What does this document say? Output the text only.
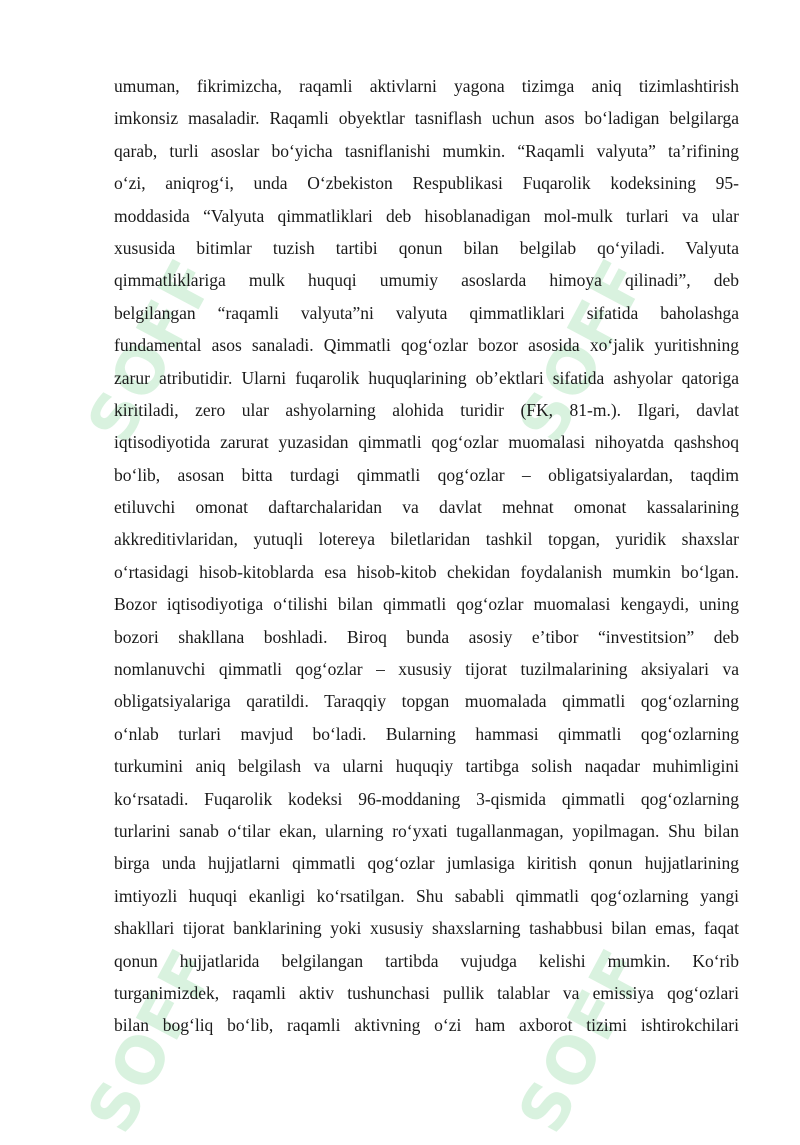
SOFF
SOFF
SOFF
SOFF
umuman, fikrimizcha, raqamli aktivlarni yagona tizimga aniq tizimlashtirish
imkonsiz masaladir. Raqamli obyektlar tasniflash uchun asos boʻladigan belgilarga
qarab, turli asoslar boʻyicha tasniflanishi mumkin. “Raqamli valyuta” taʼrifining
oʻzi, aniqrogʻi, unda Oʻzbekiston Respublikasi Fuqarolik kodeksining 95-
moddasida “Valyuta qimmatliklari deb hisoblanadigan mol-mulk turlari va ular
xususida bitimlar tuzish tartibi qonun bilan belgilab qoʻyiladi. Valyuta
qimmatliklariga mulk huquqi umumiy asoslarda himoya qilinadi”, deb
belgilangan “raqamli valyuta”ni valyuta qimmatliklari sifatida baholashga
fundamental asos sanaladi. Qimmatli qogʻozlar bozor asosida xoʻjalik yuritishning
zarur atributidir. Ularni fuqarolik huquqlarining obʼektlari sifatida ashyolar qatoriga
kiritiladi, zero ular ashyolarning alohida turidir (FK, 81-m.). Ilgari, davlat
iqtisodiyotida zarurat yuzasidan qimmatli qogʻozlar muomalasi nihoyatda qashshoq
boʻlib, asosan bitta turdagi qimmatli qogʻozlar – obligatsiyalardan, taqdim
etiluvchi omonat daftarchalaridan va davlat mehnat omonat kassalarining
akkreditivlaridan, yutuqli lotereya biletlaridan tashkil topgan, yuridik shaxslar
oʻrtasidagi hisob-kitoblarda esa hisob-kitob chekidan foydalanish mumkin boʻlgan.
Bozor iqtisodiyotiga oʻtilishi bilan qimmatli qogʻozlar muomalasi kengaydi, uning
bozori shakllana boshladi. Biroq bunda asosiy eʼtibor “investitsion” deb
nomlanuvchi qimmatli qogʻozlar – xususiy tijorat tuzilmalarining aksiyalari va
obligatsiyalariga qaratildi. Taraqqiy topgan muomalada qimmatli qogʻozlarning
oʻnlab turlari mavjud boʻladi. Bularning hammasi qimmatli qogʻozlarning
turkumini aniq belgilash va ularni huquqiy tartibga solish naqadar muhimligini
koʻrsatadi. Fuqarolik kodeksi 96-moddaning 3-qismida qimmatli qogʻozlarning
turlarini sanab oʻtilar ekan, ularning roʻyxati tugallanmagan, yopilmagan. Shu bilan
birga unda hujjatlarni qimmatli qogʻozlar jumlasiga kiritish qonun hujjatlarining
imtiyozli huquqi ekanligi koʻrsatilgan. Shu sababli qimmatli qogʻozlarning yangi
shakllari tijorat banklarining yoki xususiy shaxslarning tashabbusi bilan emas, faqat
qonun hujjatlarida belgilangan tartibda vujudga kelishi mumkin. Koʻrib
turganimizdek, raqamli aktiv tushunchasi pullik talablar va emissiya qogʻozlari
bilan bogʻliq boʻlib, raqamli aktivning oʻzi ham axborot tizimi ishtirokchilari
